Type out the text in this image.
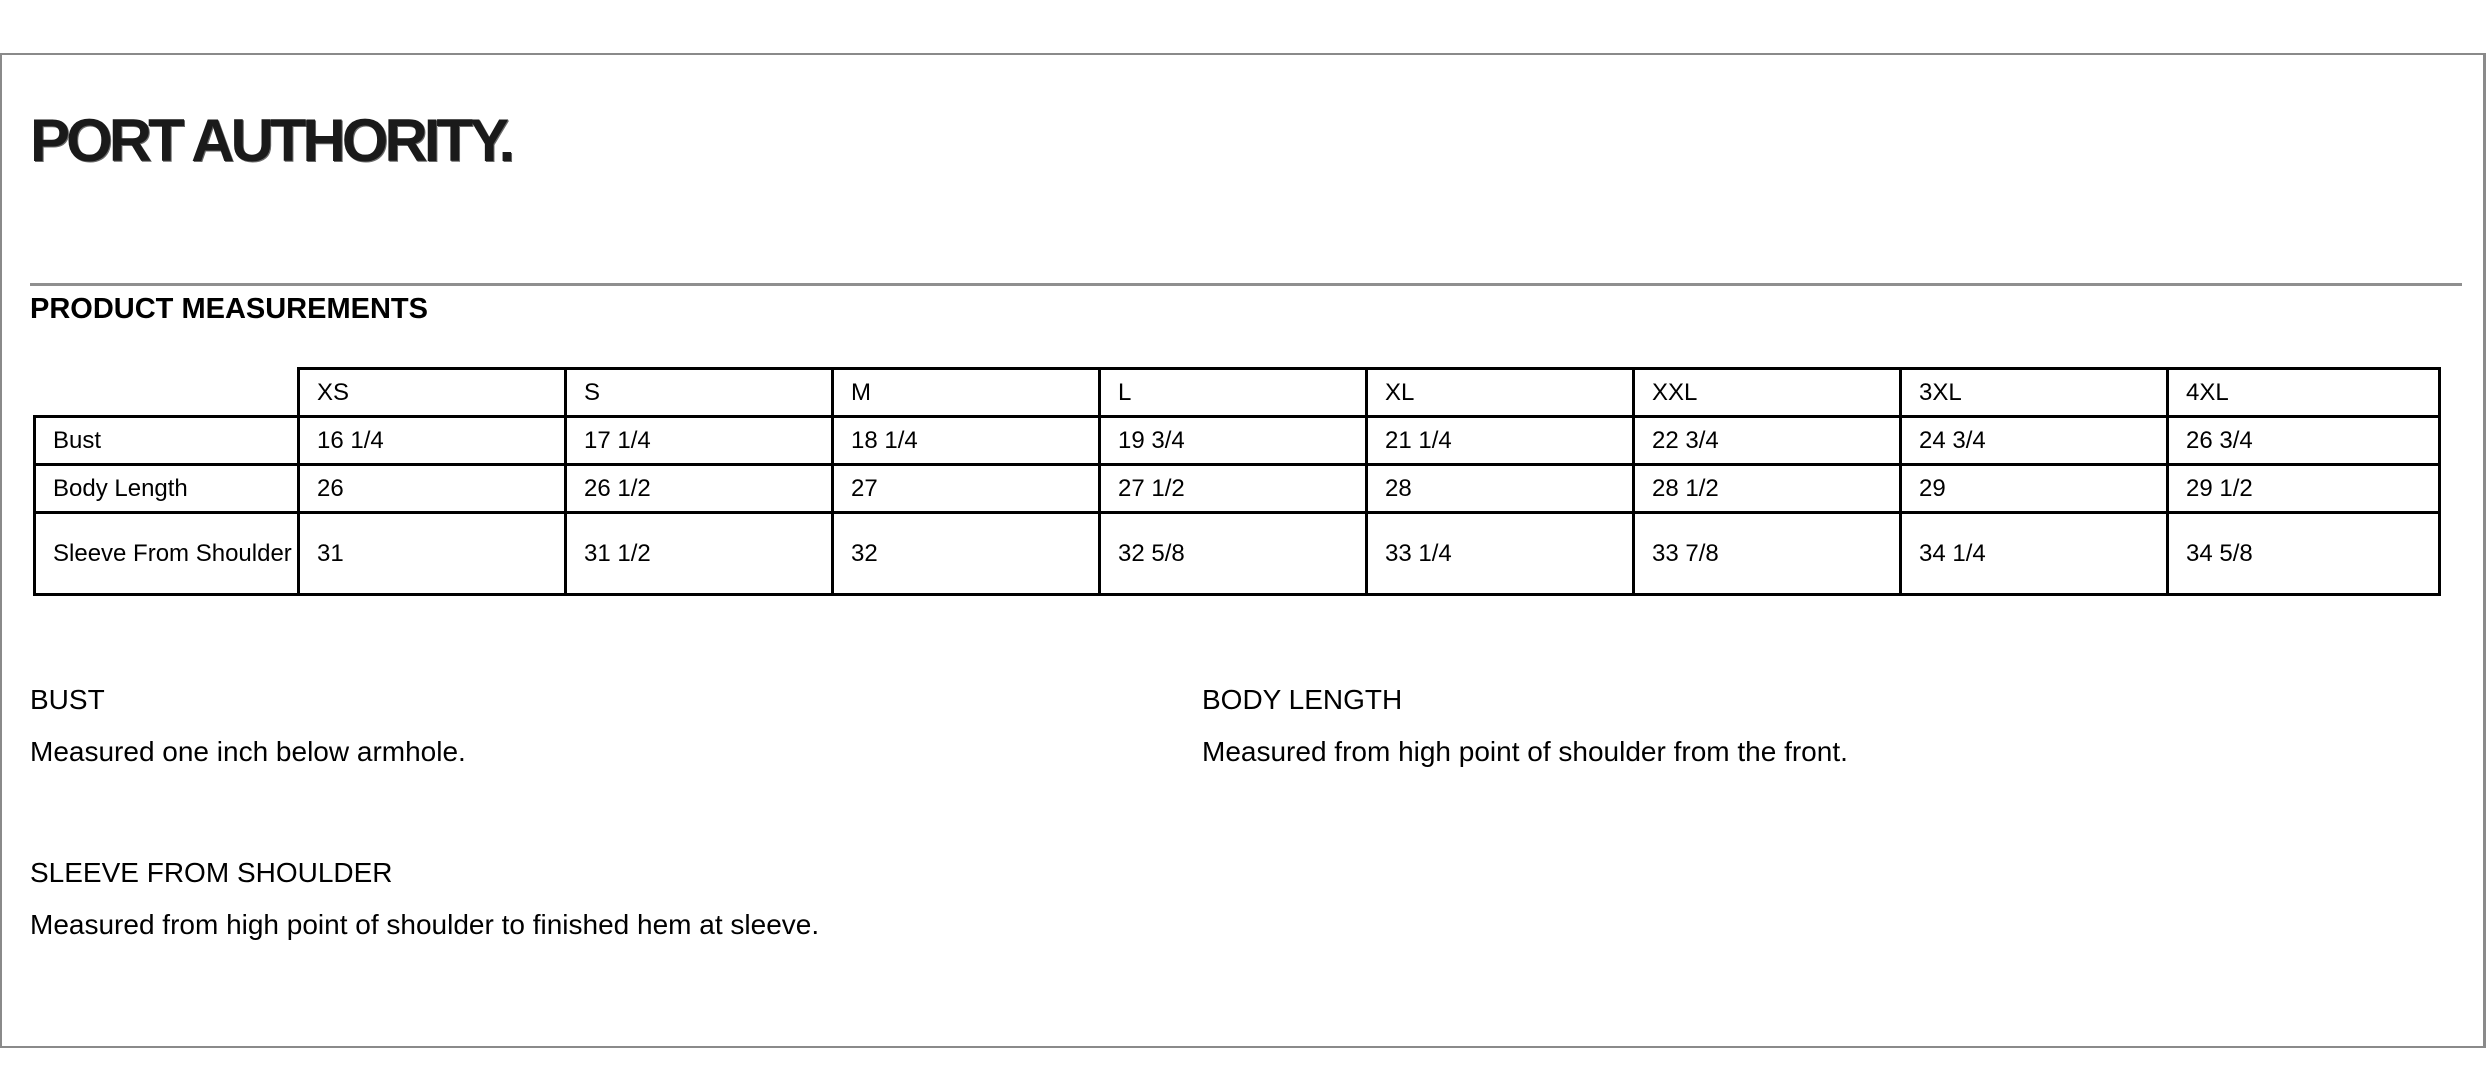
PORT AUTHORITY.
PRODUCT MEASUREMENTS
	XS	S	M	L	XL	XXL	3XL	4XL
Bust	16 1/4	17 1/4	18 1/4	19 3/4	21 1/4	22 3/4	24 3/4	26 3/4
Body Length	26	26 1/2	27	27 1/2	28	28 1/2	29	29 1/2
Sleeve From Shoulder	31	31 1/2	32	32 5/8	33 1/4	33 7/8	34 1/4	34 5/8
BUST
Measured one inch below armhole.
BODY LENGTH
Measured from high point of shoulder from the front.
SLEEVE FROM SHOULDER
Measured from high point of shoulder to finished hem at sleeve.
